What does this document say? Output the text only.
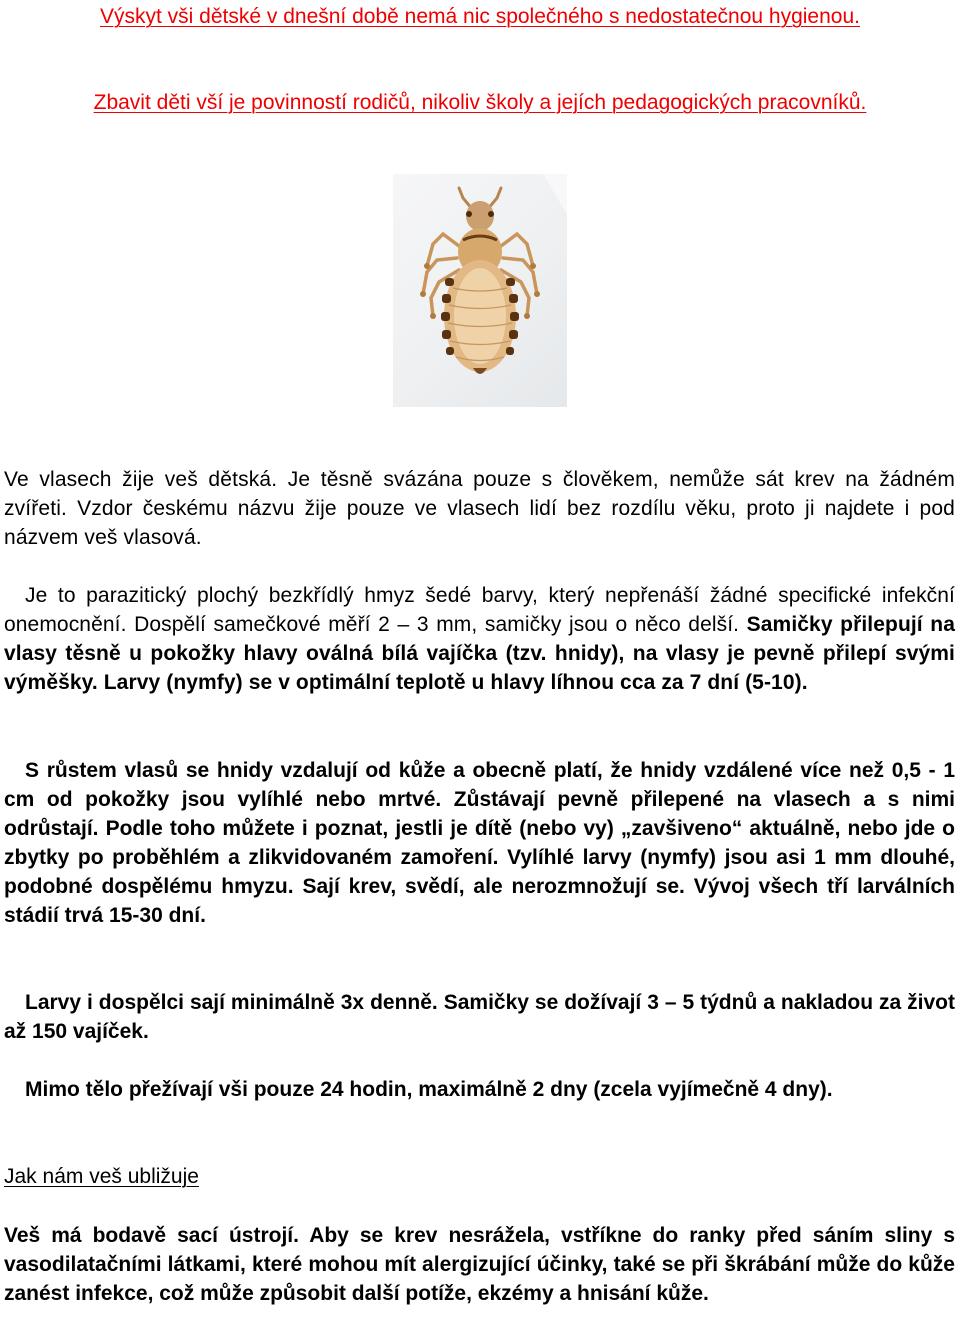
Výskyt vši dětské v dnešní době nemá nic společného s nedostatečnou hygienou.

Zbavit děti vší je povinností rodičů, nikoliv školy a jejích pedagogických pracovníků.

Ve vlasech žije veš dětská. Je těsně svázána pouze s člověkem, nemůže sát krev na žádném zvířeti. Vzdor českému názvu žije pouze ve vlasech lidí bez rozdílu věku, proto ji najdete i pod názvem veš vlasová.

Je to parazitický plochý bezkřídlý hmyz šedé barvy, který nepřenáší žádné specifické infekční onemocnění. Dospělí samečkové měří 2 – 3 mm, samičky jsou o něco delší. Samičky přilepují na vlasy těsně u pokožky hlavy oválná bílá vajíčka (tzv. hnidy), na vlasy je pevně přilepí svými výměšky. Larvy (nymfy) se v optimální teplotě u hlavy líhnou cca za 7 dní (5-10).

S růstem vlasů se hnidy vzdalují od kůže a obecně platí, že hnidy vzdálené více než 0,5 - 1 cm od pokožky jsou vylíhlé nebo mrtvé. Zůstávají pevně přilepené na vlasech a s nimi odrůstají. Podle toho můžete i poznat, jestli je dítě (nebo vy) „zavšiveno“ aktuálně, nebo jde o zbytky po proběhlém a zlikvidovaném zamoření. Vylíhlé larvy (nymfy) jsou asi 1 mm dlouhé, podobné dospělému hmyzu. Sají krev, svědí, ale nerozmnožují se. Vývoj všech tří larválních stádií trvá 15-30 dní.

Larvy i dospělci sají minimálně 3x denně. Samičky se dožívají 3 – 5 týdnů a nakladou za život až 150 vajíček.

Mimo tělo přežívají vši pouze 24 hodin, maximálně 2 dny (zcela vyjímečně 4 dny).

Jak nám veš ubližuje

Veš má bodavě sací ústrojí. Aby se krev nesrážela, vstříkne do ranky před sáním sliny s vasodilatačními látkami, které mohou mít alergizující účinky, také se při škrábání může do kůže zanést infekce, což může způsobit další potíže, ekzémy a hnisání kůže.
